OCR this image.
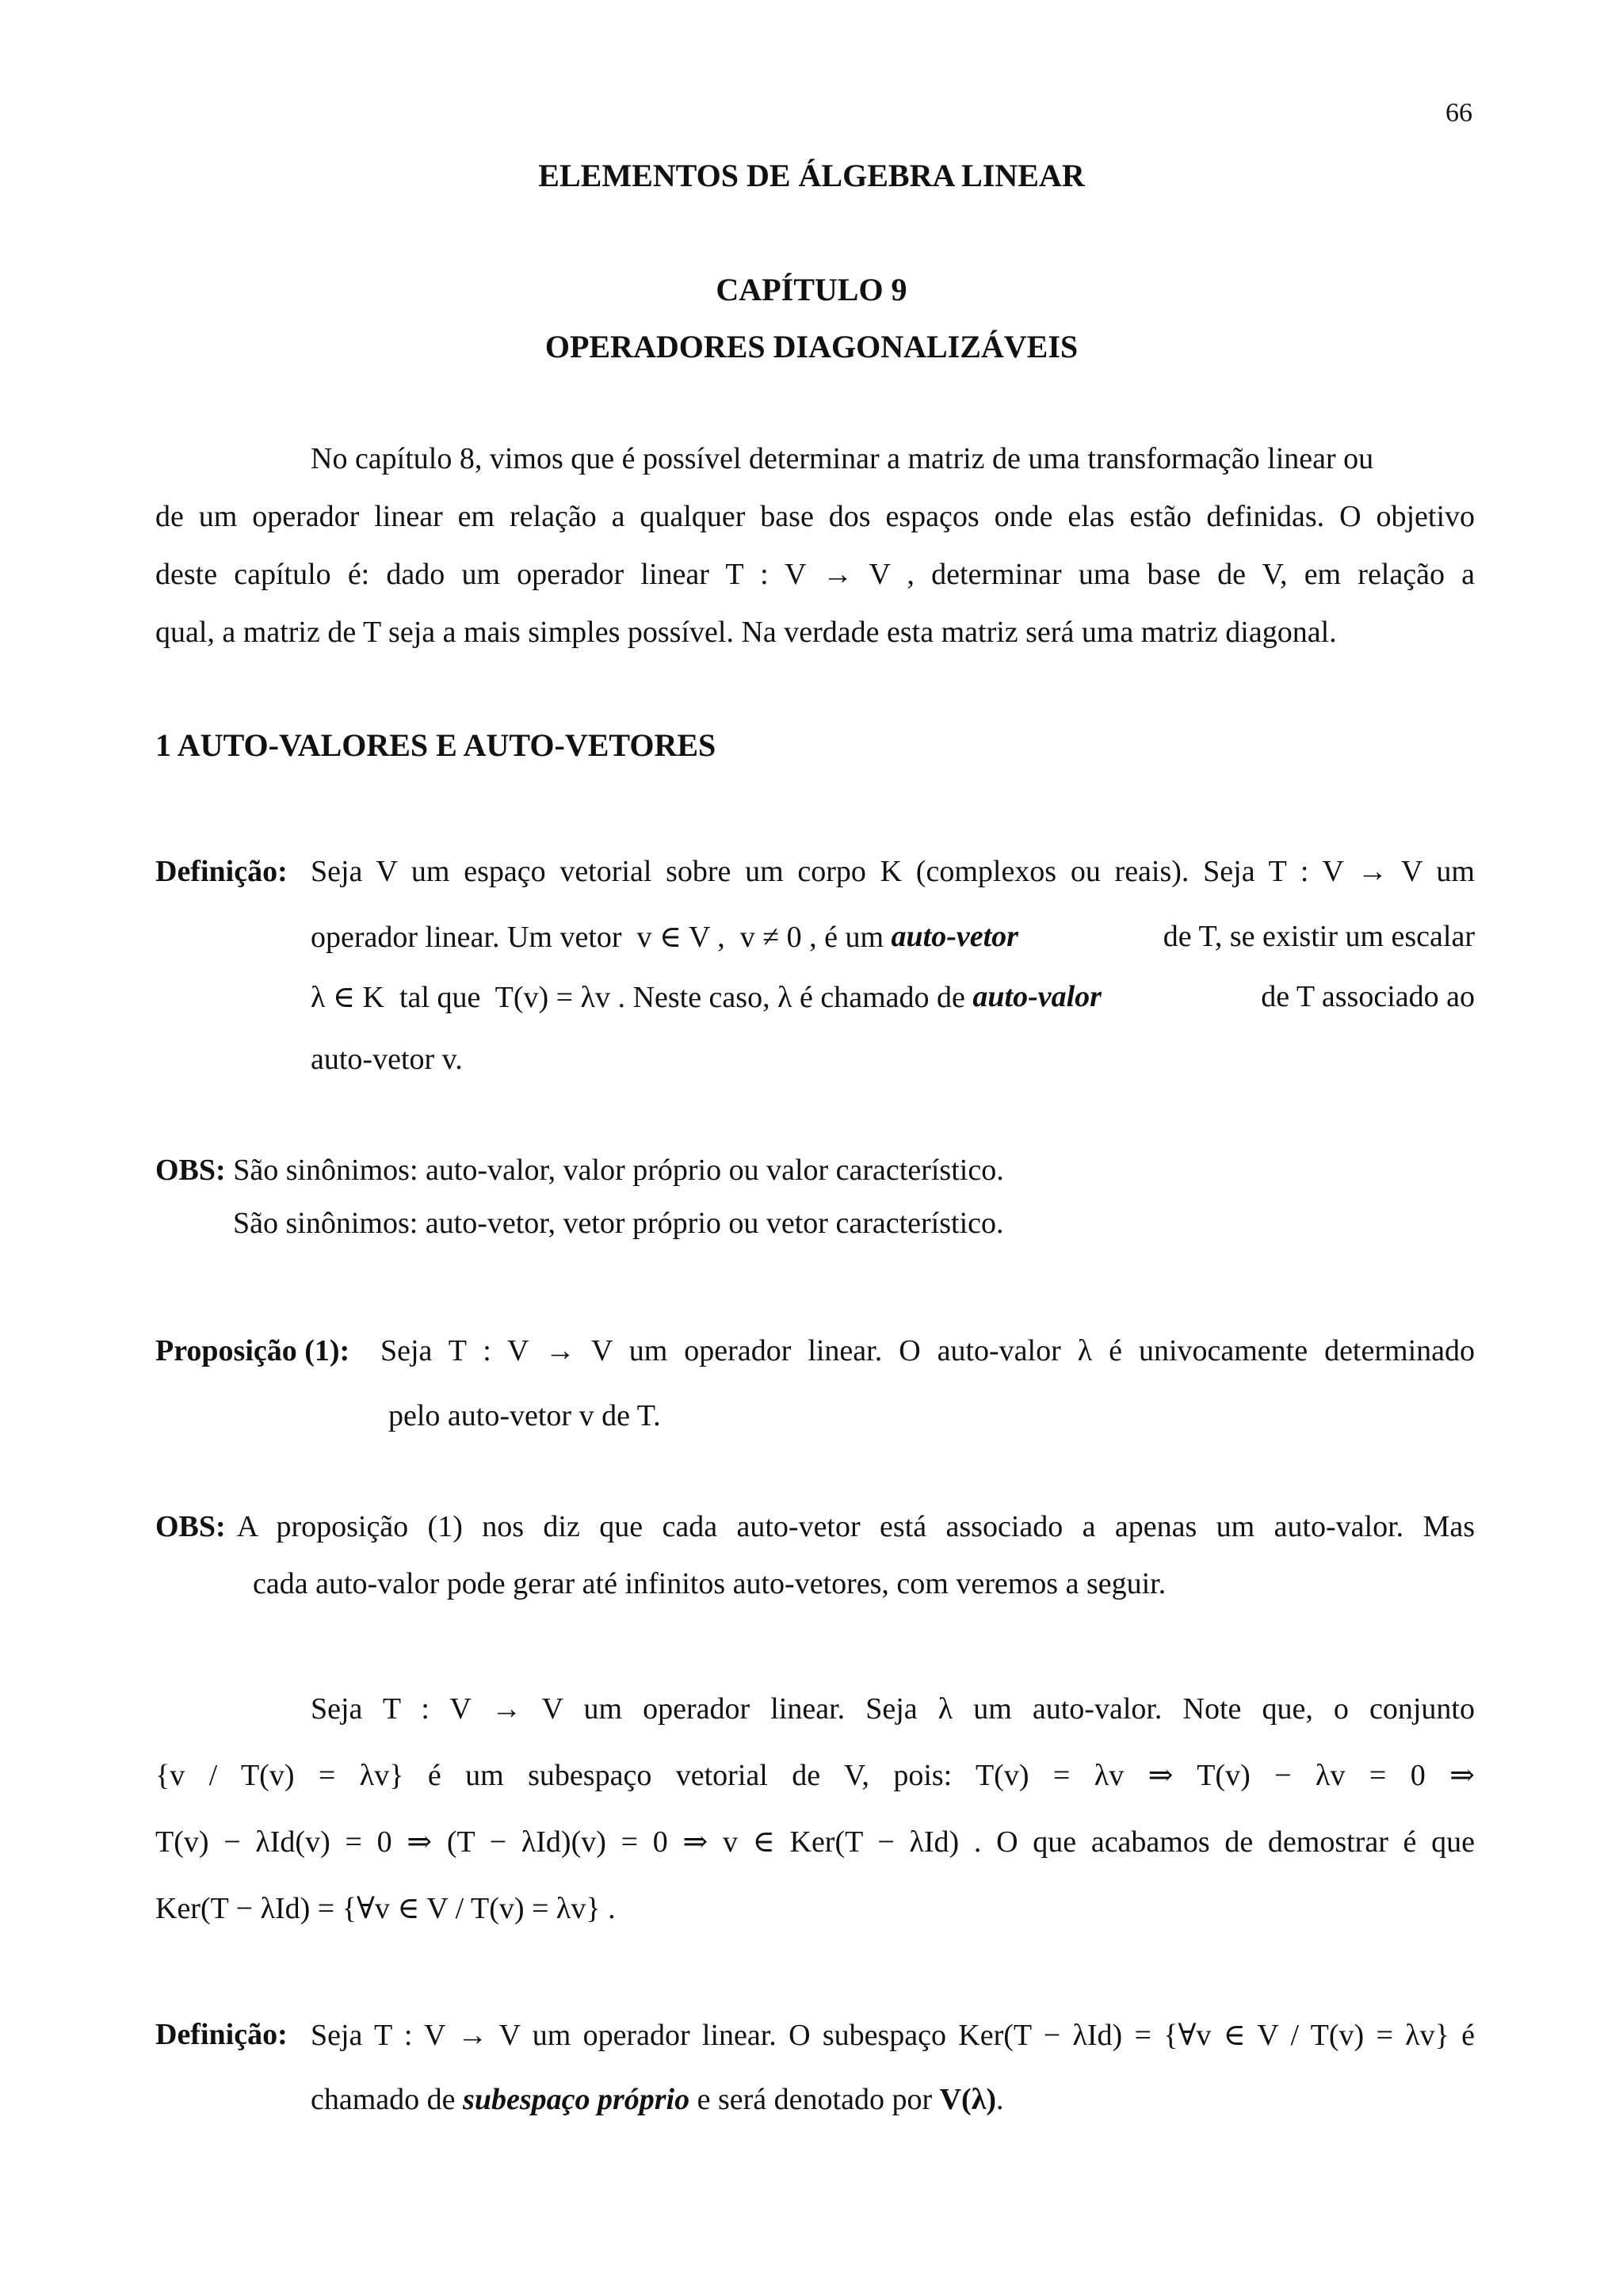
66
ELEMENTOS DE ÁLGEBRA LINEAR
CAPÍTULO 9
OPERADORES DIAGONALIZÁVEIS
No capítulo 8, vimos que é possível determinar a matriz de uma transformação linear ou
de um operador linear em relação a qualquer base dos espaços onde elas estão definidas. O objetivo
deste capítulo é: dado um operador linear T : V → V , determinar uma base de V, em relação a
qual, a matriz de T seja a mais simples possível. Na verdade esta matriz será uma matriz diagonal.
1 AUTO-VALORES E AUTO-VETORES
Definição: Seja V um espaço vetorial sobre um corpo K (complexos ou reais). Seja T : V → V um
operador linear. Um vetor  v ∈ V ,  v ≠ 0 , é um auto-vetor	de T, se existir um escalar
λ ∈ K  tal que  T(v) = λv . Neste caso, λ é chamado de auto-valor	de T associado ao
auto-vetor v.
OBS: São sinônimos: auto-valor, valor próprio ou valor característico.
São sinônimos: auto-vetor, vetor próprio ou vetor característico.
Proposição (1): Seja T : V → V um operador linear. O auto-valor λ é univocamente determinado
pelo auto-vetor v de T.
OBS: A proposição (1) nos diz que cada auto-vetor está associado a apenas um auto-valor. Mas
cada auto-valor pode gerar até infinitos auto-vetores, com veremos a seguir.
Seja T : V → V um operador linear. Seja λ um auto-valor. Note que, o conjunto
{v / T(v) = λv} é um subespaço vetorial de V, pois: T(v) = λv ⇒ T(v) − λv = 0 ⇒
T(v) − λId(v) = 0 ⇒ (T − λId)(v) = 0 ⇒ v ∈ Ker(T − λId) . O que acabamos de demostrar é que
Ker(T − λId) = {∀v ∈ V / T(v) = λv} .
Definição: Seja T : V → V um operador linear. O subespaço Ker(T − λId) = {∀v ∈ V / T(v) = λv} é
chamado de subespaço próprio e será denotado por V(λ).
